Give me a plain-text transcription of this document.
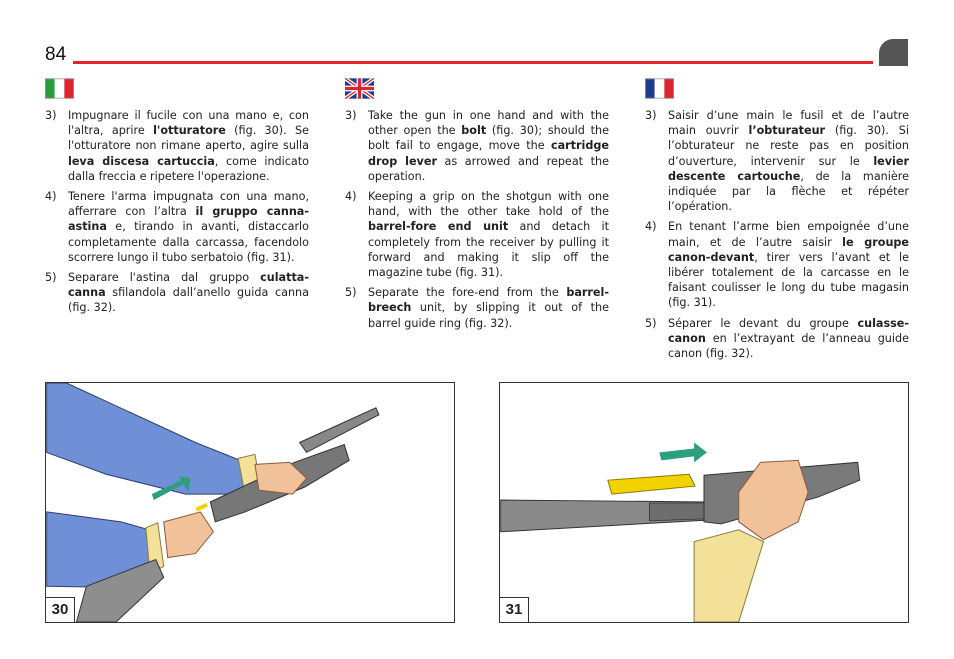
84
3) Impugnare il fucile con una mano e, con l'altra, aprire l'otturatore (fig. 30). Se l'otturatore non rimane aperto, agire sulla leva discesa cartuccia, come indicato dalla freccia e ripetere l'operazione.
4) Tenere l'arma impugnata con una mano, afferrare con l’altra il gruppo canna-astina e, tirando in avanti, distaccarlo completamente dalla carcassa, facendolo scorrere lungo il tubo serbatoio (fig. 31).
5) Separare l'astina dal gruppo culatta-canna sfilandola dall’anello guida canna (fig. 32).
3) Take the gun in one hand and with the other open the bolt (fig. 30); should the bolt fail to engage, move the cartridge drop lever as arrowed and repeat the operation.
4) Keeping a grip on the shotgun with one hand, with the other take hold of the barrel-fore end unit and detach it completely from the receiver by pulling it forward and making it slip off the magazine tube (fig. 31).
5) Separate the fore-end from the barrel-breech unit, by slipping it out of the barrel guide ring (fig. 32).
3) Saisir d’une main le fusil et de l’autre main ouvrir l’obturateur (fig. 30). Si l’obturateur ne reste pas en position d’ouverture, intervenir sur le levier descente cartouche, de la manière indiquée par la flèche et répéter l’opération.
4) En tenant l’arme bien empoignée d’une main, et de l’autre saisir le groupe canon-devant, tirer vers l’avant et le libérer totalement de la carcasse en le faisant coulisser le long du tube magasin (fig. 31).
5) Séparer le devant du groupe culasse-canon en l’extrayant de l’anneau guide canon (fig. 32).
30	31
